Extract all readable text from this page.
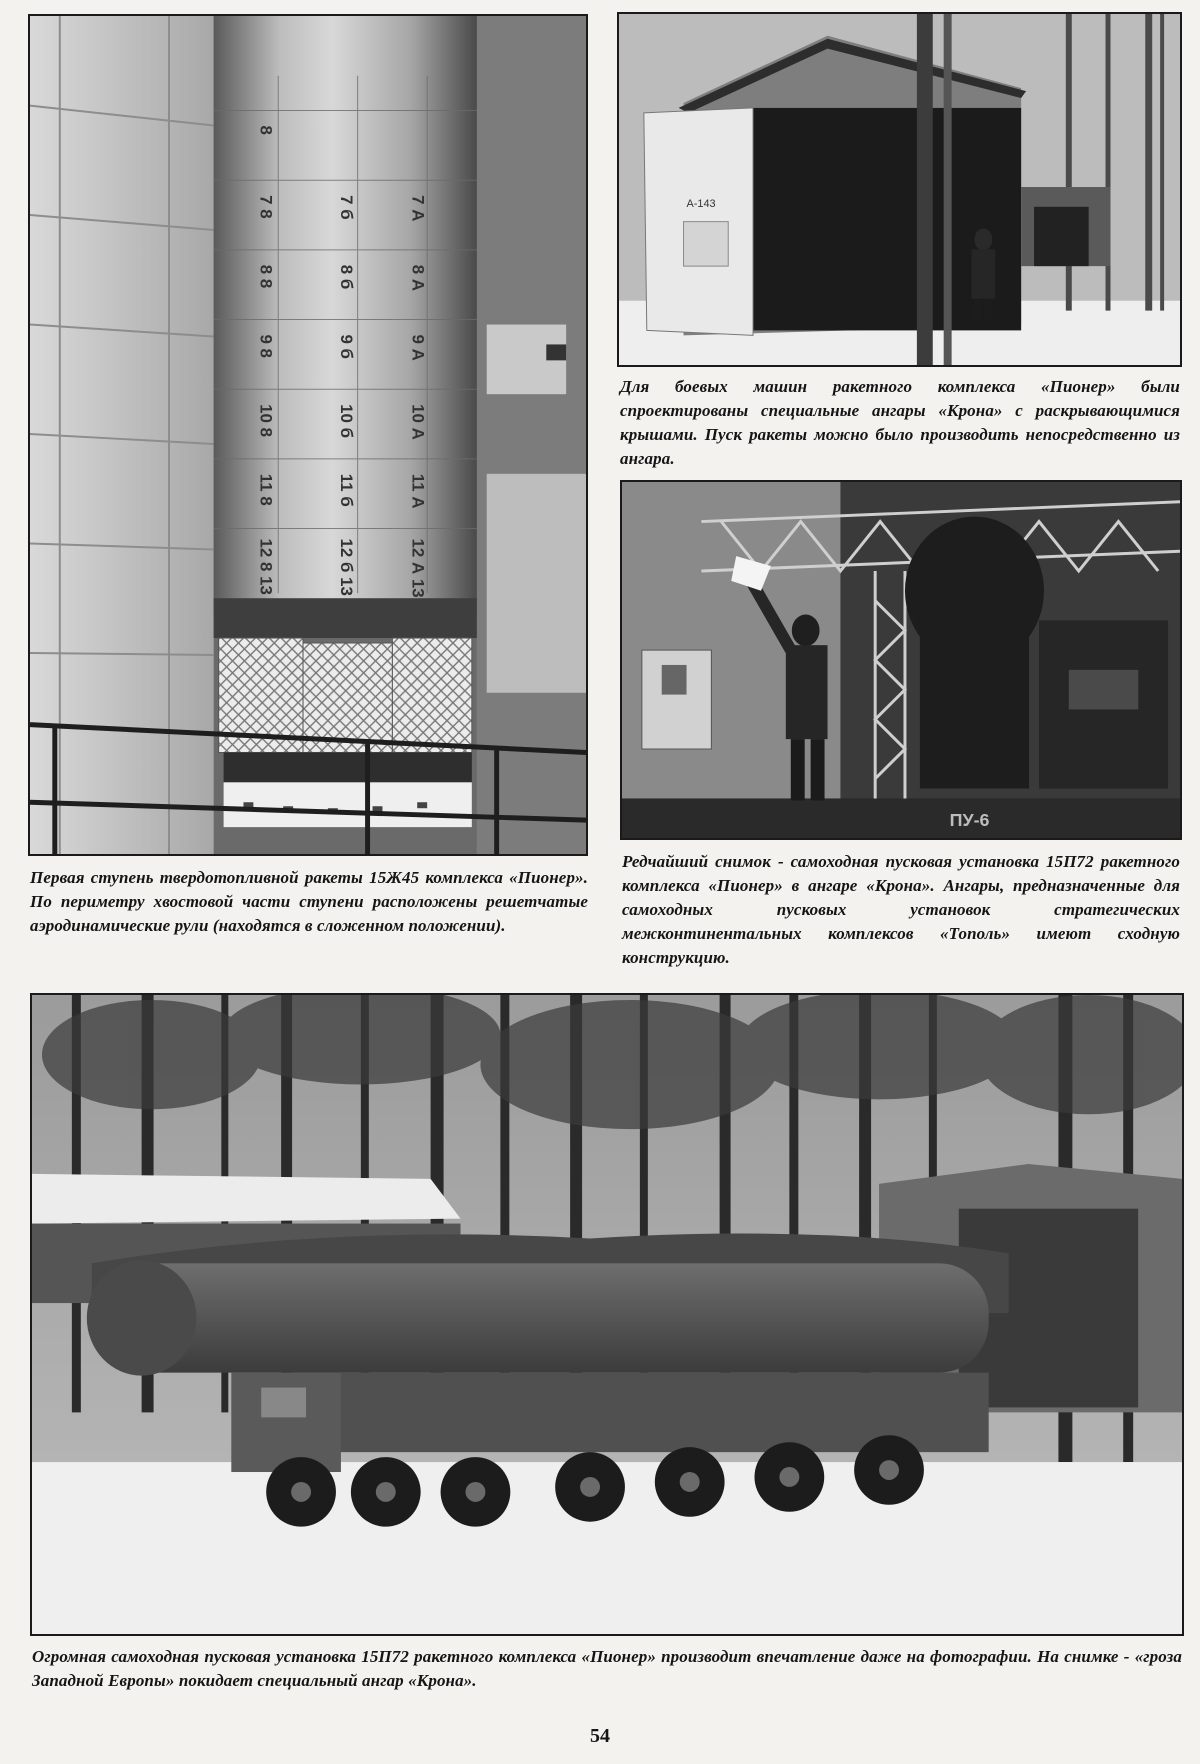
8
7 8
8 8
9 8
10 8
11 8
12 8 13
7 б
8 б
9 б
10 б
11 б
12 б 13
7 А
8 А
9 А
10 А
11 А
12 А 13

Первая ступень твердотопливной ракеты 15Ж45 комплекса «Пионер». По периметру хвостовой части ступени расположены решетчатые аэродинамические рули (находятся в сложенном положении).

А-143

Для боевых машин ракетного комплекса «Пионер» были спроектированы специальные ангары «Крона» с раскрывающимися крышами. Пуск ракеты можно было производить непосредственно из ангара.

ПУ-6

Редчайший снимок - самоходная пусковая установка 15П72 ракетного комплекса «Пионер» в ангаре «Крона». Ангары, предназначенные для самоходных пусковых установок стратегических межконтинентальных комплексов «Тополь» имеют сходную конструкцию.

Огромная самоходная пусковая установка 15П72 ракетного комплекса «Пионер» производит впечатление даже на фотографии. На снимке - «гроза Западной Европы» покидает специальный ангар «Крона».

54
